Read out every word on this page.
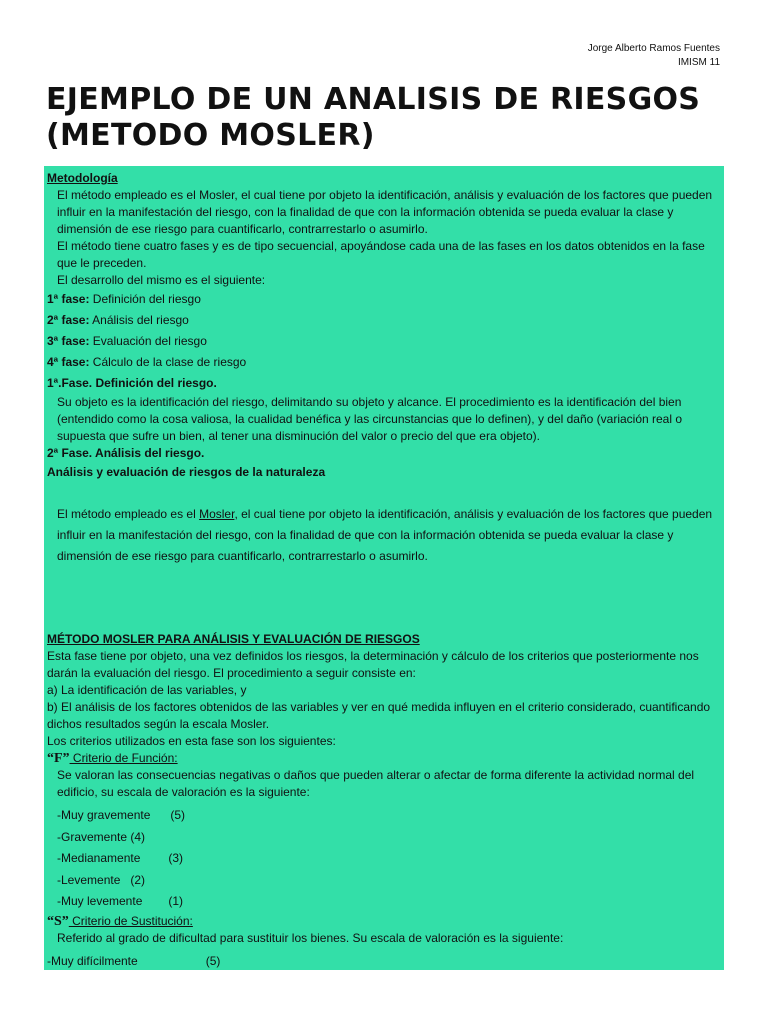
Jorge Alberto Ramos Fuentes
IMISM 11
EJEMPLO DE UN ANALISIS DE RIESGOS
(METODO MOSLER)

Metodología

El método empleado es el Mosler, el cual tiene por objeto la identificación, análisis y evaluación de los factores que pueden influir en la manifestación del riesgo, con la finalidad de que con la información obtenida se pueda evaluar la clase y dimensión de ese riesgo para cuantificarlo, contrarrestarlo o asumirlo.

El método tiene cuatro fases y es de tipo secuencial, apoyándose cada una de las fases en los datos obtenidos en la fase que le preceden.

El desarrollo del mismo es el siguiente:

1ª fase: Definición del riesgo

2ª fase: Análisis del riesgo

3ª fase: Evaluación del riesgo

4ª fase: Cálculo de la clase de riesgo

1ª.Fase. Definición del riesgo.

Su objeto es la identificación del riesgo, delimitando su objeto y alcance. El procedimiento es la identificación del bien (entendido como la cosa valiosa, la cualidad benéfica y las circunstancias que lo definen), y del daño (variación real o supuesta que sufre un bien, al tener una disminución del valor o precio del que era objeto).

2ª Fase. Análisis del riesgo.

Análisis y evaluación de riesgos de la naturaleza

El método empleado es el Mosler, el cual tiene por objeto la identificación, análisis y evaluación de los factores que pueden influir en la manifestación del riesgo, con la finalidad de que con la información obtenida se pueda evaluar la clase y dimensión de ese riesgo para cuantificarlo, contrarrestarlo o asumirlo.

MÉTODO MOSLER PARA ANÁLISIS Y EVALUACIÓN DE RIESGOS

Esta fase tiene por objeto, una vez definidos los riesgos, la determinación y cálculo de los criterios que posteriormente nos darán la evaluación del riesgo. El procedimiento a seguir consiste en:

a) La identificación de las variables, y

b) El análisis de los factores obtenidos de las variables y ver en qué medida influyen en el criterio considerado, cuantificando dichos resultados según la escala Mosler.

Los criterios utilizados en esta fase son los siguientes:

“F” Criterio de Función:

Se valoran las consecuencias negativas o daños que pueden alterar o afectar de forma diferente la actividad normal del edificio, su escala de valoración es la siguiente:

-Muy gravemente (5)

-Gravemente (4)

-Medianamente (3)

-Levemente (2)

-Muy levemente (1)

“S” Criterio de Sustitución:

Referido al grado de dificultad para sustituir los bienes. Su escala de valoración es la siguiente:

-Muy difícilmente	(5)
